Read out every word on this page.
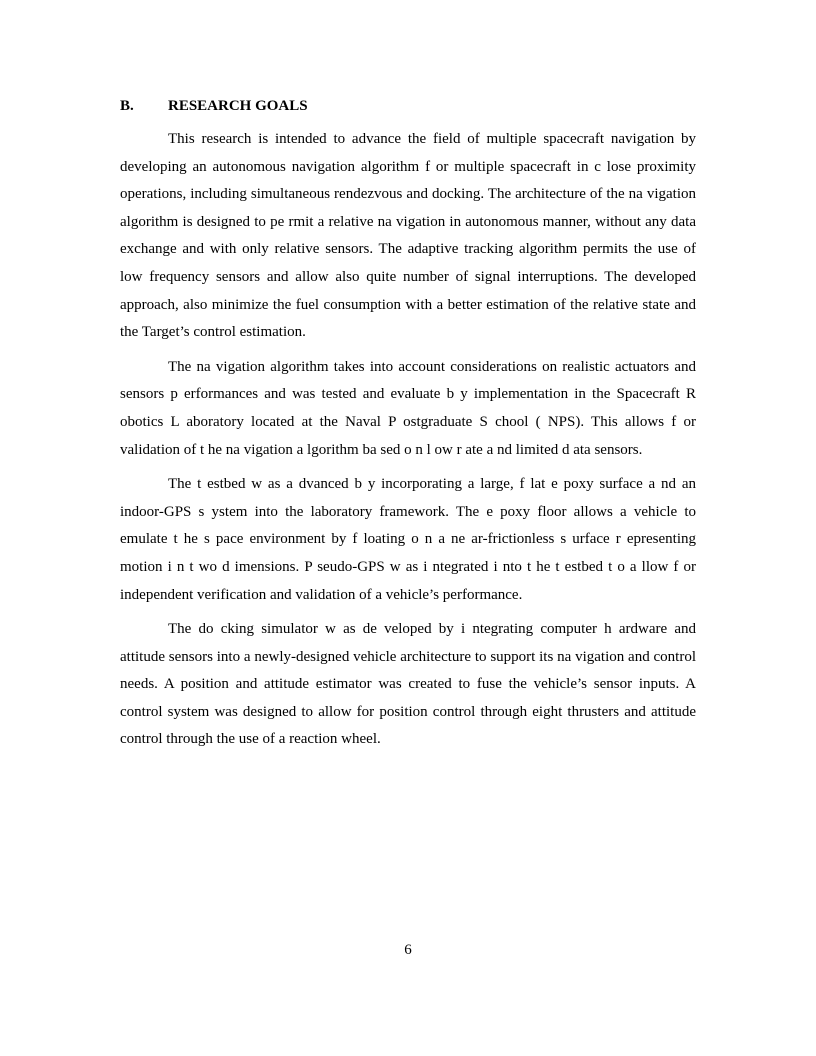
B. RESEARCH GOALS

This research is intended to advance the field of multiple spacecraft navigation by developing an autonomous navigation algorithm f or multiple spacecraft in c lose proximity operations, including simultaneous rendezvous and docking. The architecture of the na vigation algorithm is designed to pe rmit a relative na vigation in autonomous manner, without any data exchange and with only relative sensors. The adaptive tracking algorithm permits the use of low frequency sensors and allow also quite number of signal interruptions. The developed approach, also minimize the fuel consumption with a better estimation of the relative state and the Target’s control estimation.

The na vigation algorithm takes into account considerations on realistic actuators and sensors p erformances and was tested and evaluate b y implementation in the Spacecraft R obotics L aboratory located at the Naval P ostgraduate S chool ( NPS). This allows f or validation of t he na vigation a lgorithm ba sed o n l ow r ate a nd limited d ata sensors.

The t estbed w as a dvanced b y incorporating a large, f lat e poxy surface a nd an indoor-GPS s ystem into the laboratory framework. The e poxy floor allows a vehicle to emulate t he s pace environment by f loating o n a ne ar-frictionless s urface r epresenting motion i n t wo d imensions. P seudo-GPS w as i ntegrated i nto t he t estbed t o a llow f or independent verification and validation of a vehicle’s performance.

The do cking simulator w as de veloped by i ntegrating computer h ardware and attitude sensors into a newly-designed vehicle architecture to support its na vigation and control needs. A position and attitude estimator was created to fuse the vehicle’s sensor inputs. A control system was designed to allow for position control through eight thrusters and attitude control through the use of a reaction wheel.

6
